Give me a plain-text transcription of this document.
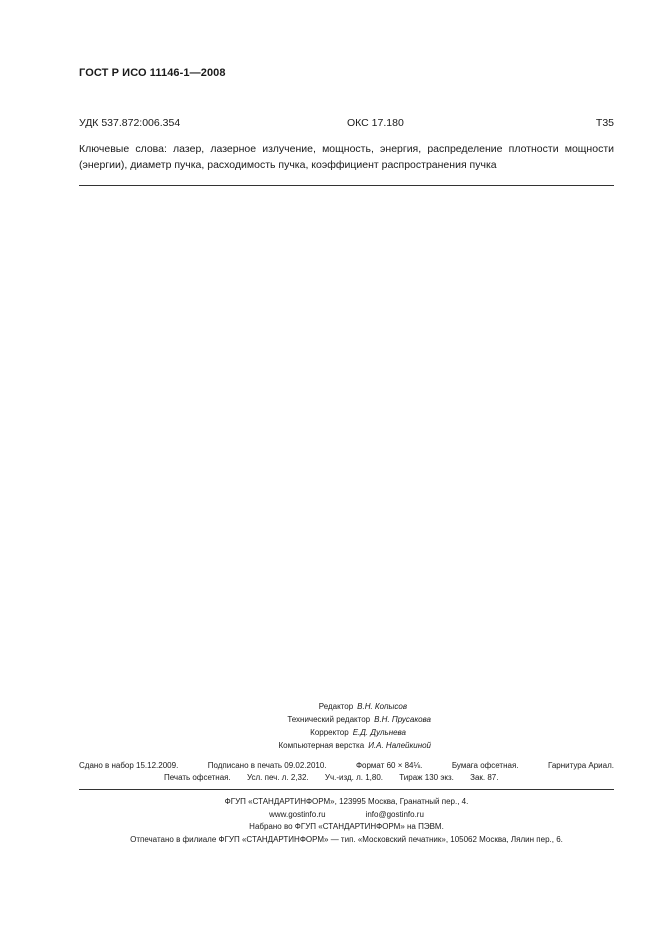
ГОСТ Р ИСО 11146-1—2008
УДК 537.872:006.354	ОКС 17.180	Т35
Ключевые слова: лазер, лазерное излучение, мощность, энергия, распределение плотности мощности
(энергии), диаметр пучка, расходимость пучка, коэффициент распространения пучка
Редактор В.Н. Копысов
Технический редактор В.Н. Прусакова
Корректор Е.Д. Дульнева
Компьютерная верстка И.А. Налейкиной
Сдано в набор 15.12.2009.	Подписано в печать 09.02.2010.	Формат 60 × 84⅛.	Бумага офсетная.	Гарнитура Ариал.
Печать офсетная. Усл. печ. л. 2,32. Уч.-изд. л. 1,80. Тираж 130 экз. Зак. 87.
ФГУП «СТАНДАРТИНФОРМ», 123995 Москва, Гранатный пер., 4.
www.gostinfo.ru	info@gostinfo.ru
Набрано во ФГУП «СТАНДАРТИНФОРМ» на ПЭВМ.
Отпечатано в филиале ФГУП «СТАНДАРТИНФОРМ» — тип. «Московский печатник», 105062 Москва, Лялин пер., 6.
